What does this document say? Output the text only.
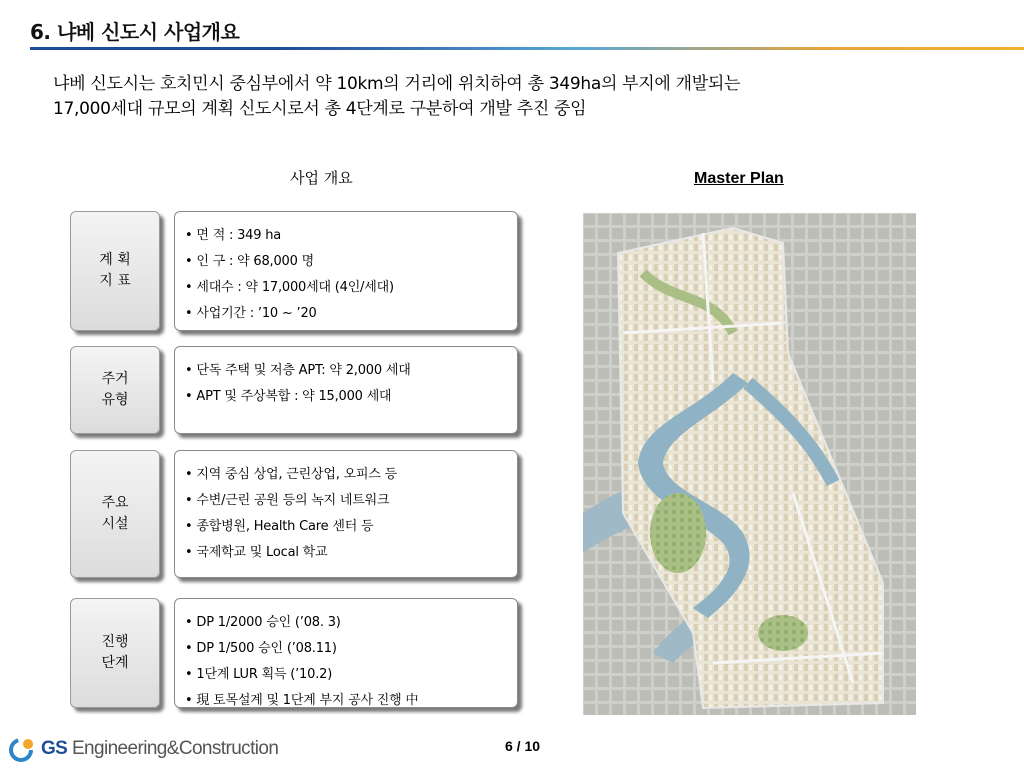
6. 냐베 신도시 사업개요
냐베 신도시는 호치민시 중심부에서 약 10km의 거리에 위치하여 총 349ha의 부지에 개발되는
17,000세대 규모의 계획 신도시로서 총 4단계로 구분하여 개발 추진 중임
사업 개요	Master Plan
계 획
지 표
• 면 적 : 349 ha
• 인 구 : 약 68,000 명
• 세대수 : 약 17,000세대 (4인/세대)
• 사업기간 : ’10 ~ ’20
주거
유형
• 단독 주택 및 저층 APT: 약 2,000 세대
• APT 및 주상복합 : 약 15,000 세대
주요
시설
• 지역 중심 상업, 근린상업, 오피스 등
• 수변/근린 공원 등의 녹지 네트워크
• 종합병원, Health Care 센터 등
• 국제학교 및 Local 학교
진행
단계
• DP 1/2000 승인 (’08. 3)
• DP 1/500 승인 (’08.11)
• 1단계 LUR 획득 (’10.2)
• 現 토목설계 및 1단계 부지 공사 진행 中
GS Engineering&Construction	6 / 10
